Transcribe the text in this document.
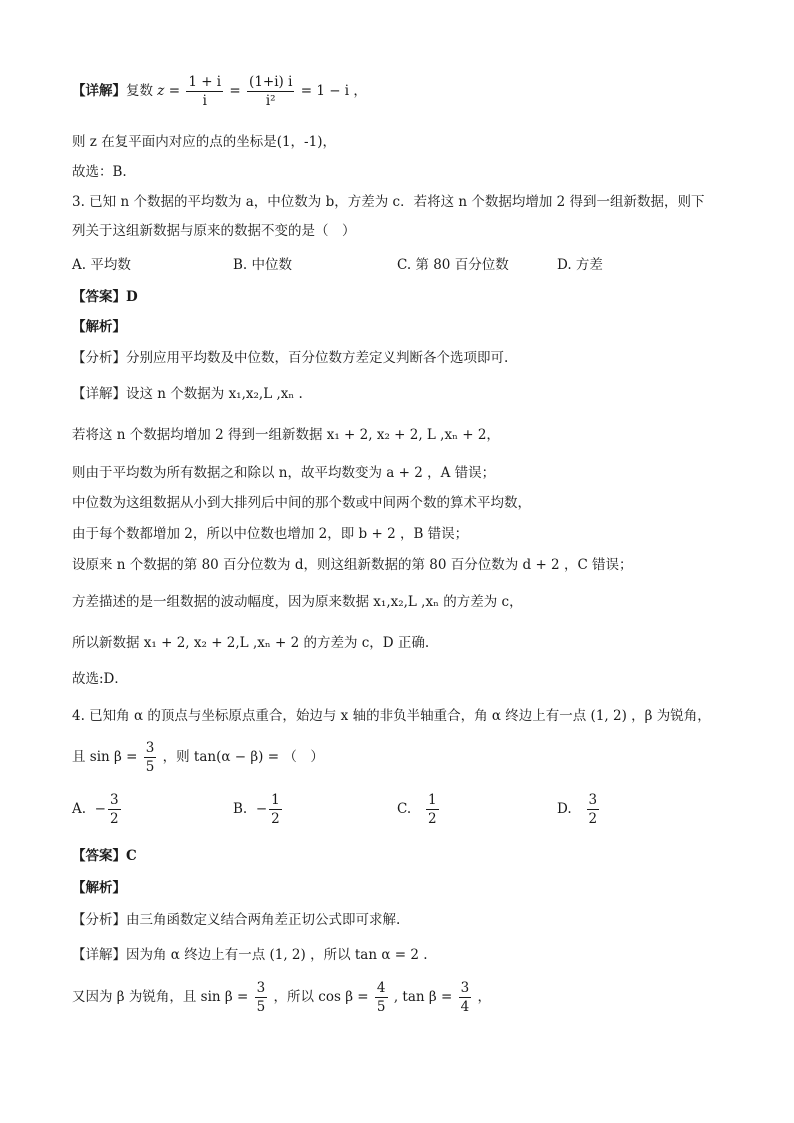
【详解】复数 $z = \frac{1 + i}{i} = \frac{(1+i) i}{\text{i²}} = 1 - i$ ，
则 z 在复平面内对应的点的坐标是(1，-1)，
故选：B.
3. 已知 n 个数据的平均数为 a，中位数为 b，方差为 c．若将这 n 个数据均增加 2 得到一组新数据，则下
列关于这组新数据与原来的数据不变的是（　）
A. 平均数	B. 中位数	C. 第 80 百分位数	D. 方差
【答案】D
【解析】
【分析】分别应用平均数及中位数，百分位数方差定义判断各个选项即可.
【详解】设这 n 个数据为 x₁,x₂,L ,xₙ .
若将这 n 个数据均增加 2 得到一组新数据 x₁ + 2, x₂ + 2, L ,xₙ + 2，
则由于平均数为所有数据之和除以 n，故平均数变为 a + 2 ，A 错误；
中位数为这组数据从小到大排列后中间的那个数或中间两个数的算术平均数，
由于每个数都增加 2，所以中位数也增加 2，即 b + 2 ，B 错误；
设原来 n 个数据的第 80 百分位数为 d，则这组新数据的第 80 百分位数为 d + 2 ，C 错误；
方差描述的是一组数据的波动幅度，因为原来数据 x₁,x₂,L ,xₙ 的方差为 c，
所以新数据 x₁ + 2, x₂ + 2,L ,xₙ + 2 的方差为 c，D 正确.
故选:D．
4. 已知角 α 的顶点与坐标原点重合，始边与 x 轴的非负半轴重合，角 α 终边上有一点 (1, 2) ，β 为锐角，
且 $\sin \beta = \frac{3}{5}$ ，则 tan(α − β) = （　）
A. − $\frac{3}{2}$	B. − $\frac{1}{2}$	C. $\frac{1}{2}$	D. $\frac{3}{2}$
【答案】C
【解析】
【分析】由三角函数定义结合两角差正切公式即可求解.
【详解】因为角 α 终边上有一点 (1, 2) ，所以 tan α = 2 .
又因为 β 为锐角，且 $\sin \beta = \frac{3}{5}$ ，所以 $\cos \beta = \frac{4}{5}$ , $\tan \beta = \frac{3}{4}$ ，
